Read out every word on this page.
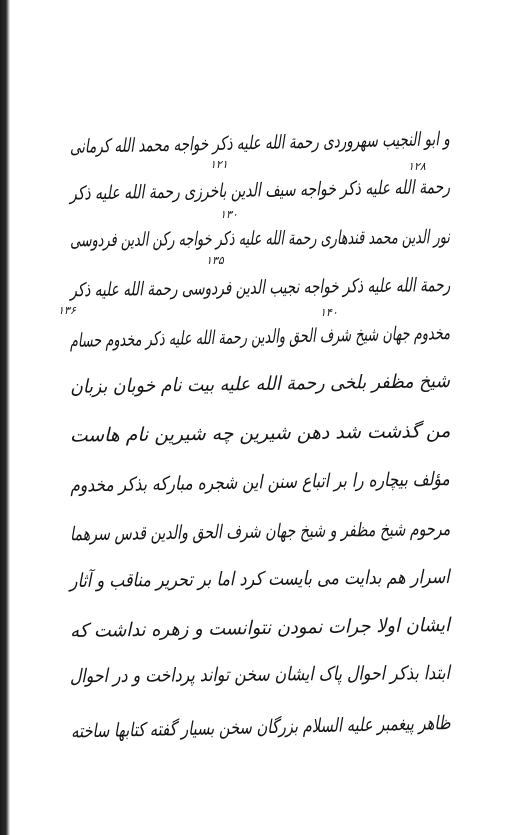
و ابو النجیب سهروردی رحمة الله علیه ذکر خواجه محمد الله کرمانی
رحمة الله علیه ذکر خواجه سیف الدین باخرزی رحمة الله علیه ذکر
نور الدین محمد قندهاری رحمة الله علیه ذکر خواجه رکن الدین فردوسی
رحمة الله علیه ذکر خواجه نجیب الدین فردوسی رحمة الله علیه ذکر
مخدوم جهان شیخ شرف الحق والدین رحمة الله علیه ذکر مخدوم حسام
شیخ مظفر بلخی رحمة الله علیه بیت نام خوبان بزبان
من گذشت شد دهن شیرین چه شیرین نام هاست
مؤلف بیچاره را بر اتباع سنن این شجره مبارکه بذکر مخدوم
مرحوم شیخ مظفر و شیخ جهان شرف الحق والدین قدس سرهما
اسرار هم بدایت می بایست کرد اما بر تحریر مناقب و آثار
ایشان اولا جرات نمودن نتوانست و زهره نداشت که
ابتدا بذکر احوال پاک ایشان سخن تواند پرداخت و در احوال
ظاهر پیغمبر علیه السلام بزرگان سخن بسیار گفته کتابها ساخته
۱۲۱	۱۲۸
۱۳۰
۱۳۵
۱۳۶	۱۴۰
